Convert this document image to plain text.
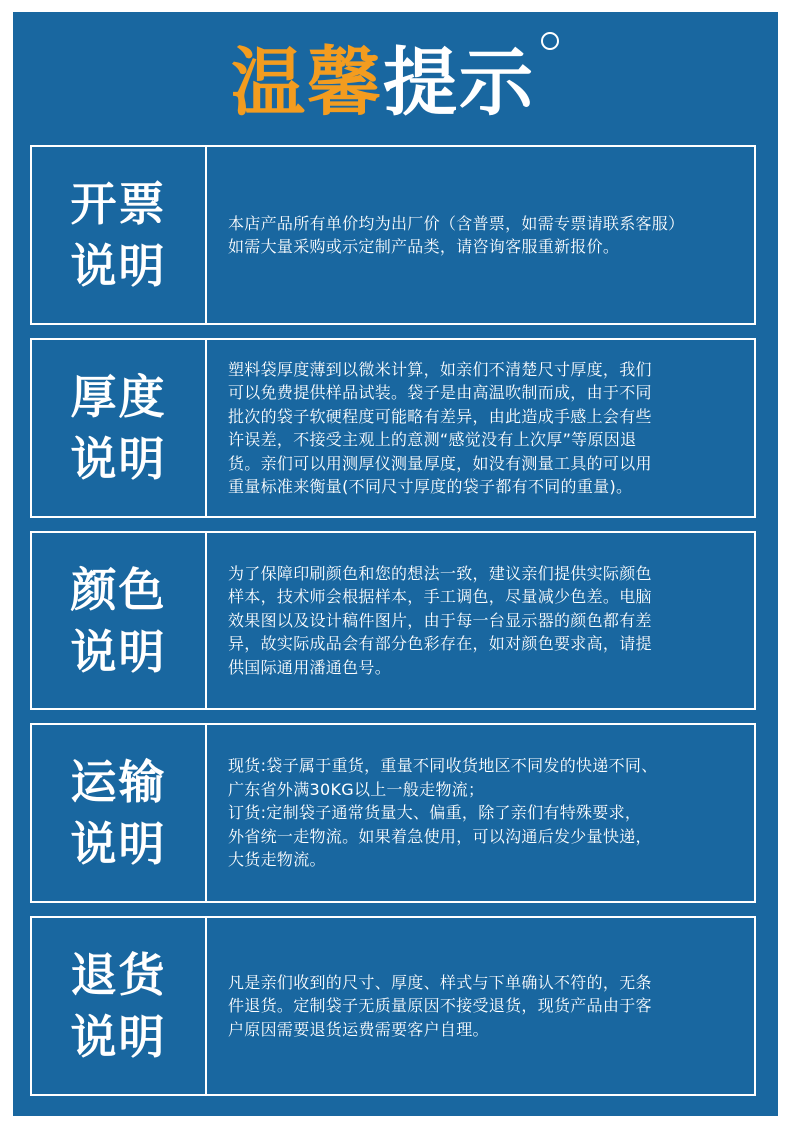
温馨提示
开票
说明
本店产品所有单价均为出厂价（含普票，如需专票请联系客服）
如需大量采购或示定制产品类，请咨询客服重新报价。
厚度
说明
塑料袋厚度薄到以微米计算，如亲们不清楚尺寸厚度，我们
可以免费提供样品试装。袋子是由高温吹制而成，由于不同
批次的袋子软硬程度可能略有差异，由此造成手感上会有些
许误差，不接受主观上的意测“感觉没有上次厚”等原因退
货。亲们可以用测厚仪测量厚度，如没有测量工具的可以用
重量标准来衡量(不同尺寸厚度的袋子都有不同的重量)。
颜色
说明
为了保障印刷颜色和您的想法一致，建议亲们提供实际颜色
样本，技术师会根据样本，手工调色，尽量减少色差。电脑
效果图以及设计稿件图片，由于每一台显示器的颜色都有差
异，故实际成品会有部分色彩存在，如对颜色要求高，请提
供国际通用潘通色号。
运输
说明
现货:袋子属于重货，重量不同收货地区不同发的快递不同、
广东省外满30KG以上一般走物流；
订货:定制袋子通常货量大、偏重，除了亲们有特殊要求，
外省统一走物流。如果着急使用，可以沟通后发少量快递，
大货走物流。
退货
说明
凡是亲们收到的尺寸、厚度、样式与下单确认不符的，无条
件退货。定制袋子无质量原因不接受退货，现货产品由于客
户原因需要退货运费需要客户自理。
